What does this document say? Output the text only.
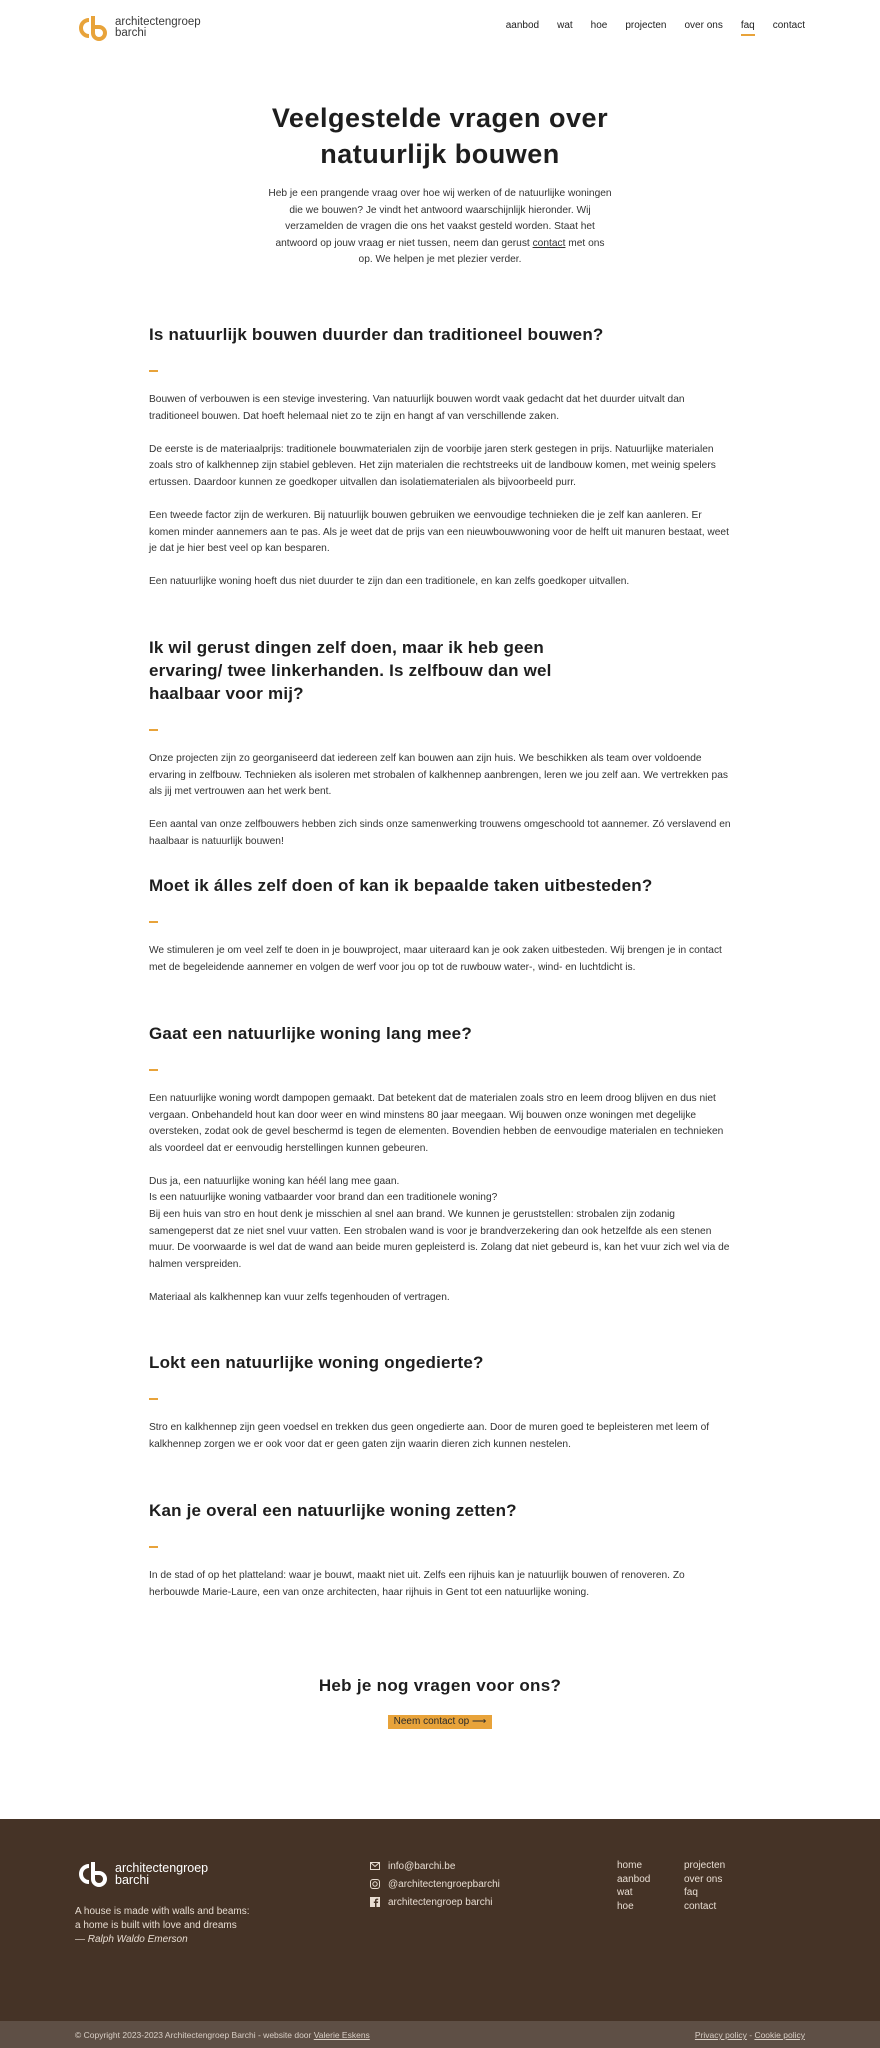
architectengroep
barchi
aanbod wat hoe projecten over ons faq contact
Veelgestelde vragen over
natuurlijk bouwen
Heb je een prangende vraag over hoe wij werken of de natuurlijke woningen die we bouwen? Je vindt het antwoord waarschijnlijk hieronder. Wij verzamelden de vragen die ons het vaakst gesteld worden. Staat het antwoord op jouw vraag er niet tussen, neem dan gerust contact met ons op. We helpen je met plezier verder.
Is natuurlijk bouwen duurder dan traditioneel bouwen?

Bouwen of verbouwen is een stevige investering. Van natuurlijk bouwen wordt vaak gedacht dat het duurder uitvalt dan traditioneel bouwen. Dat hoeft helemaal niet zo te zijn en hangt af van verschillende zaken.

De eerste is de materiaalprijs: traditionele bouwmaterialen zijn de voorbije jaren sterk gestegen in prijs. Natuurlijke materialen zoals stro of kalkhennep zijn stabiel gebleven. Het zijn materialen die rechtstreeks uit de landbouw komen, met weinig spelers ertussen. Daardoor kunnen ze goedkoper uitvallen dan isolatiematerialen als bijvoorbeeld purr.

Een tweede factor zijn de werkuren. Bij natuurlijk bouwen gebruiken we eenvoudige technieken die je zelf kan aanleren. Er komen minder aannemers aan te pas. Als je weet dat de prijs van een nieuwbouwwoning voor de helft uit manuren bestaat, weet je dat je hier best veel op kan besparen.

Een natuurlijke woning hoeft dus niet duurder te zijn dan een traditionele, en kan zelfs goedkoper uitvallen.

Ik wil gerust dingen zelf doen, maar ik heb geen ervaring/ twee linkerhanden. Is zelfbouw dan wel haalbaar voor mij?

Onze projecten zijn zo georganiseerd dat iedereen zelf kan bouwen aan zijn huis. We beschikken als team over voldoende ervaring in zelfbouw. Technieken als isoleren met strobalen of kalkhennep aanbrengen, leren we jou zelf aan. We vertrekken pas als jij met vertrouwen aan het werk bent.

Een aantal van onze zelfbouwers hebben zich sinds onze samenwerking trouwens omgeschoold tot aannemer. Zó verslavend en haalbaar is natuurlijk bouwen!

Moet ik álles zelf doen of kan ik bepaalde taken uitbesteden?

We stimuleren je om veel zelf te doen in je bouwproject, maar uiteraard kan je ook zaken uitbesteden. Wij brengen je in contact met de begeleidende aannemer en volgen de werf voor jou op tot de ruwbouw water-, wind- en luchtdicht is.

Gaat een natuurlijke woning lang mee?

Een natuurlijke woning wordt dampopen gemaakt. Dat betekent dat de materialen zoals stro en leem droog blijven en dus niet vergaan. Onbehandeld hout kan door weer en wind minstens 80 jaar meegaan. Wij bouwen onze woningen met degelijke oversteken, zodat ook de gevel beschermd is tegen de elementen. Bovendien hebben de eenvoudige materialen en technieken als voordeel dat er eenvoudig herstellingen kunnen gebeuren.

Dus ja, een natuurlijke woning kan héél lang mee gaan.
Is een natuurlijke woning vatbaarder voor brand dan een traditionele woning?
Bij een huis van stro en hout denk je misschien al snel aan brand. We kunnen je geruststellen: strobalen zijn zodanig samengeperst dat ze niet snel vuur vatten. Een strobalen wand is voor je brandverzekering dan ook hetzelfde als een stenen muur. De voorwaarde is wel dat de wand aan beide muren gepleisterd is. Zolang dat niet gebeurd is, kan het vuur zich wel via de halmen verspreiden.

Materiaal als kalkhennep kan vuur zelfs tegenhouden of vertragen.

Lokt een natuurlijke woning ongedierte?

Stro en kalkhennep zijn geen voedsel en trekken dus geen ongedierte aan. Door de muren goed te bepleisteren met leem of kalkhennep zorgen we er ook voor dat er geen gaten zijn waarin dieren zich kunnen nestelen.

Kan je overal een natuurlijke woning zetten?

In de stad of op het platteland: waar je bouwt, maakt niet uit. Zelfs een rijhuis kan je natuurlijk bouwen of renoveren. Zo herbouwde Marie-Laure, een van onze architecten, haar rijhuis in Gent tot een natuurlijke woning.

Heb je nog vragen voor ons?
Neem contact op ⟶
architectengroep
barchi
A house is made with walls and beams:
a home is built with love and dreams
— Ralph Waldo Emerson
info@barchi.be
@architectengroepbarchi
architectengroep barchi
home
aanbod
wat
hoe
projecten
over ons
faq
contact
© Copyright 2023-2023 Architectengroep Barchi - website door Valerie Eskens	Privacy policy - Cookie policy
